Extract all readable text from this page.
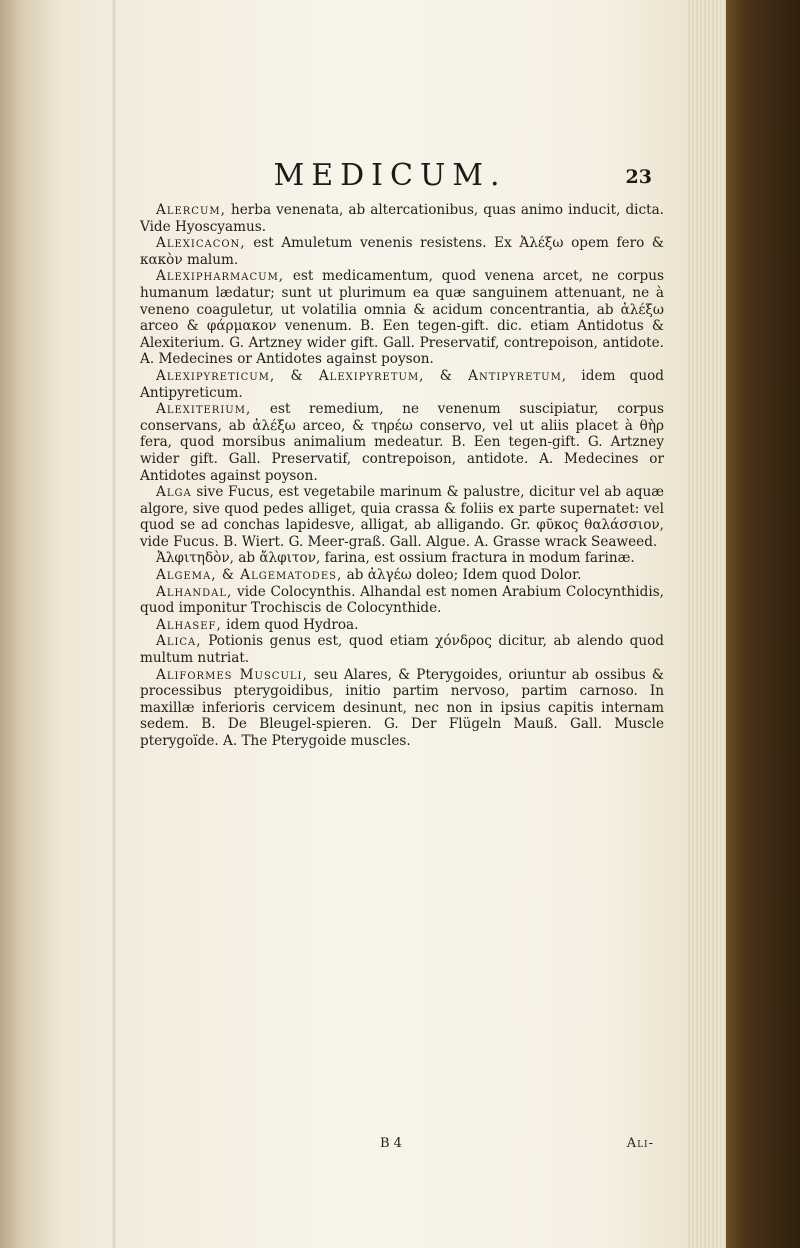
MEDICUM.	23

Alercum, herba venenata, ab altercationibus, quas animo inducit, dicta. Vide Hyoscyamus.

Alexicacon, est Amuletum venenis resistens. Ex Ἀλέξω opem fero & κακὸν malum.

Alexipharmacum, est medicamentum, quod venena arcet, ne corpus humanum lædatur; sunt ut plurimum ea quæ sanguinem attenuant, ne à veneno coaguletur, ut volatilia omnia & acidum concentrantia, ab ἀλέξω arceo & φάρμακον venenum. B. Een tegen-gift. dic. etiam Antidotus & Alexiterium. G. Artzney wider gift. Gall. Preservatif, contrepoison, antidote. A. Medecines or Antidotes against poyson.

Alexipyreticum, & Alexipyretum, & Antipyretum, idem quod Antipyreticum.

Alexiterium, est remedium, ne venenum suscipiatur, corpus conservans, ab ἀλέξω arceo, & τηρέω conservo, vel ut aliis placet à θὴρ fera, quod morsibus animalium medeatur. B. Een tegen-gift. G. Artzney wider gift. Gall. Preservatif, contrepoison, antidote. A. Medecines or Antidotes against poyson.

Alga sive Fucus, est vegetabile marinum & palustre, dicitur vel ab aquæ algore, sive quod pedes alliget, quia crassa & foliis ex parte supernatet: vel quod se ad conchas lapidesve, alligat, ab alligando. Gr. φῦκος θαλάσσιον, vide Fucus. B. Wiert. G. Meer-graß. Gall. Algue. A. Grasse wrack Seaweed.

Ἀλφιτηδὸν, ab ἄλφιτον, farina, est ossium fractura in modum farinæ.

Algema, & Algematodes, ab ἀλγέω doleo; Idem quod Dolor.

Alhandal, vide Colocynthis. Alhandal est nomen Arabium Colocynthidis, quod imponitur Trochiscis de Colocynthide.

Alhasef, idem quod Hydroa.

Alica, Potionis genus est, quod etiam χόνδρος dicitur, ab alendo quod multum nutriat.

Aliformes Musculi, seu Alares, & Pterygoides, oriuntur ab ossibus & processibus pterygoidibus, initio partim nervoso, partim carnoso. In maxillæ inferioris cervicem desinunt, nec non in ipsius capitis internam sedem. B. De Bleugel-spieren. G. Der Flügeln Mauß. Gall. Muscle pterygoïde. A. The Pterygoide muscles.

B 4	Ali-
